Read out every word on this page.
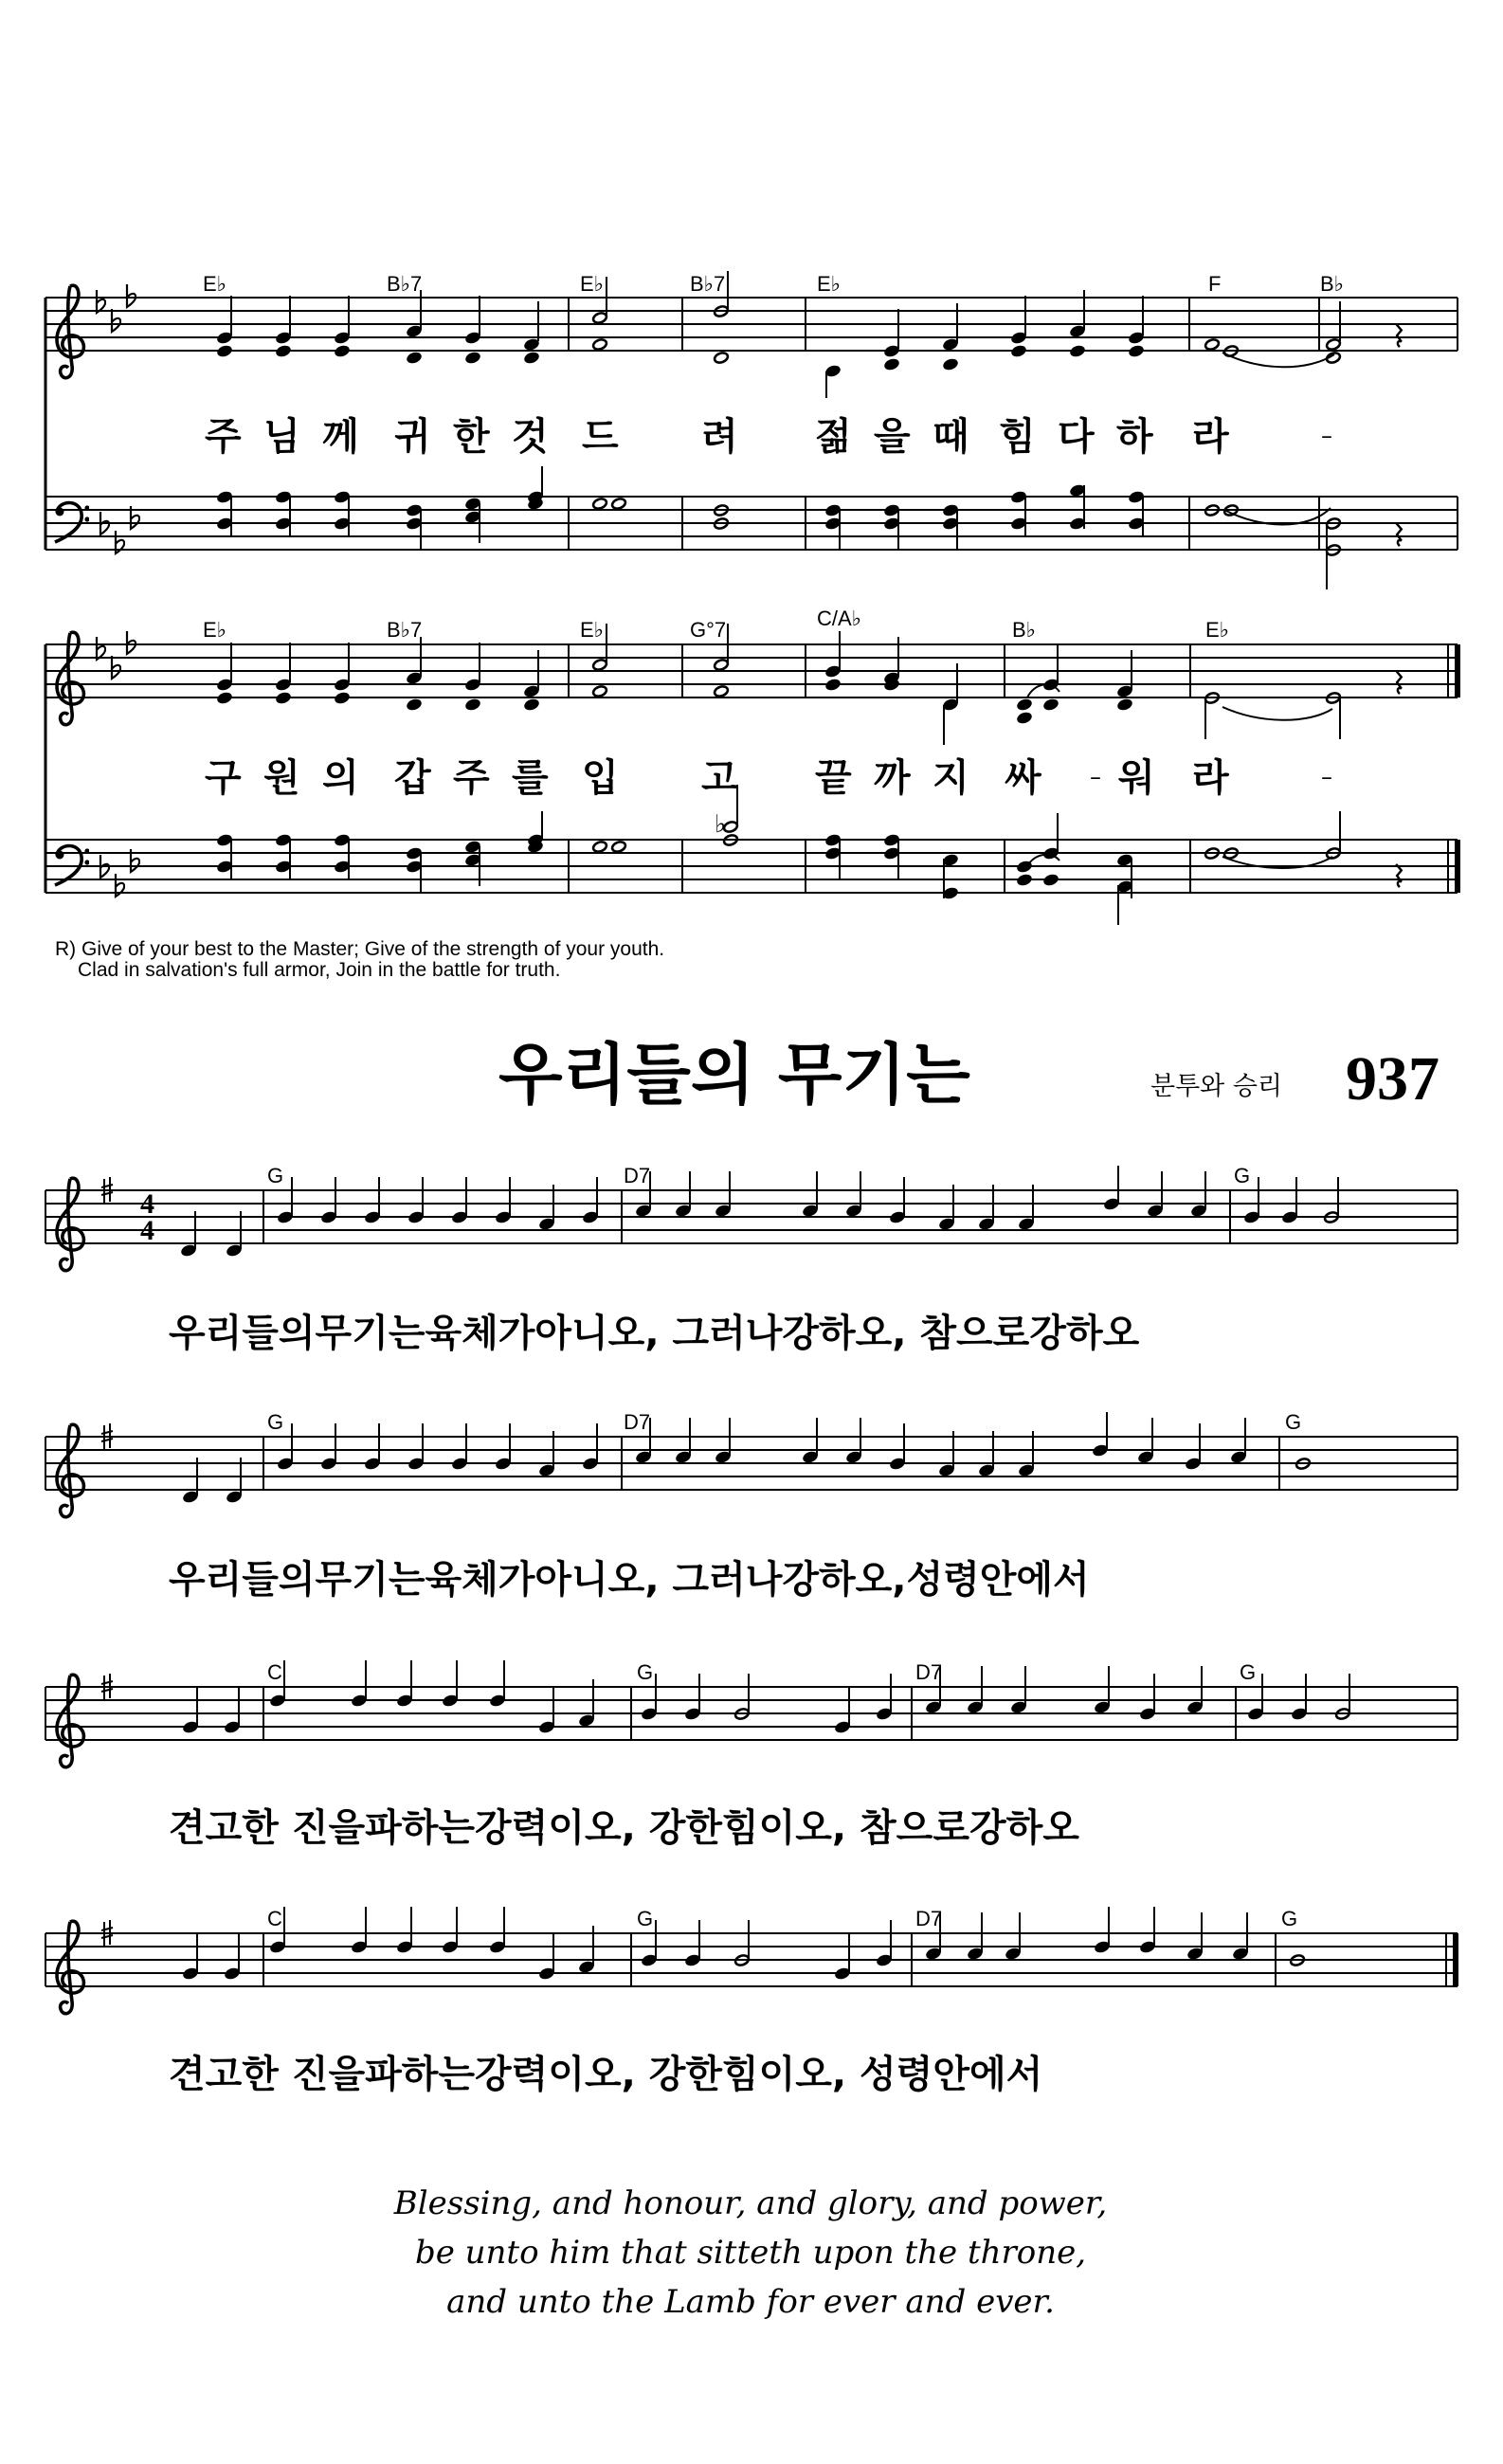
E♭	B♭7	E♭	B♭7	E♭	F	B♭
주 님 께 귀 한 것 드 려 젊 을 때 힘 다 하 라	–
E♭	B♭7	E♭	G°7	C/A♭	B♭	E♭
♭
구 원 의 갑 주 를 입 고 끝 까 지 싸 – 워 라	–
R) Give of your best to the Master; Give of the strength of your youth.
Clad in salvation's full armor, Join in the battle for truth.
우리들의 무기는	분투와 승리 937
G	D7	G
4
4
우리들의무기는육체가아니오, 그러나강하오, 참으로강하오
G	D7	G
우리들의무기는육체가아니오, 그러나강하오,성령안에서
C	G	D7	G
견고한 진을파하는강력이오, 강한힘이오, 참으로강하오
C	G	D7	G
견고한 진을파하는강력이오, 강한힘이오, 성령안에서
Blessing, and honour, and glory, and power,
be unto him that sitteth upon the throne,
and unto the Lamb for ever and ever.
